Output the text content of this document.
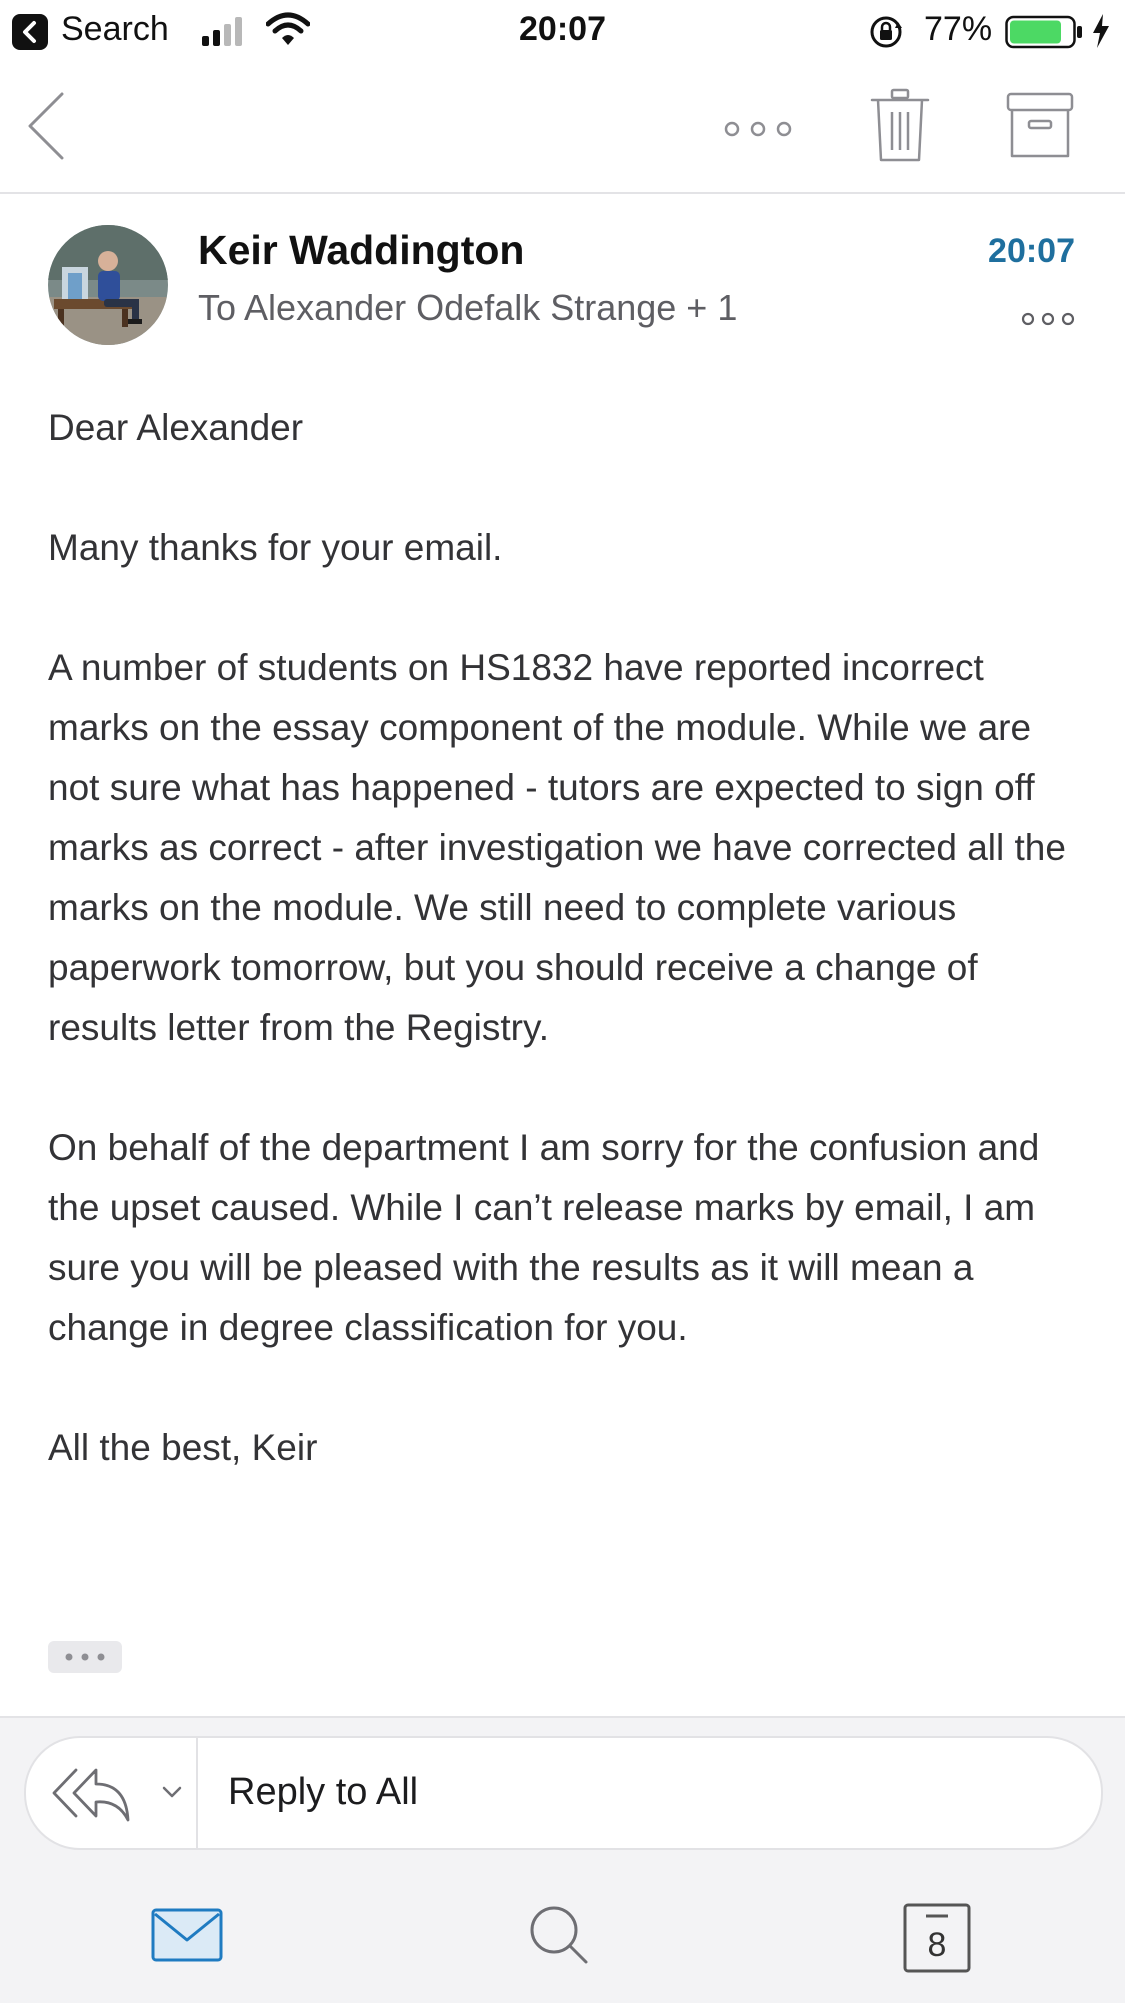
Search	20:07	77%
Keir Waddington
To Alexander Odefalk Strange + 1
20:07

Dear Alexander

Many thanks for your email.

A number of students on HS1832 have reported incorrect marks on the essay component of the module. While we are not sure what has happened - tutors are expected to sign off marks as correct - after investigation we have corrected all the marks on the module. We still need to complete various paperwork tomorrow, but you should receive a change of results letter from the Registry.

On behalf of the department I am sorry for the confusion and the upset caused. While I can’t release marks by email, I am sure you will be pleased with the results as it will mean a change in degree classification for you.

All the best, Keir

Reply to All
8
